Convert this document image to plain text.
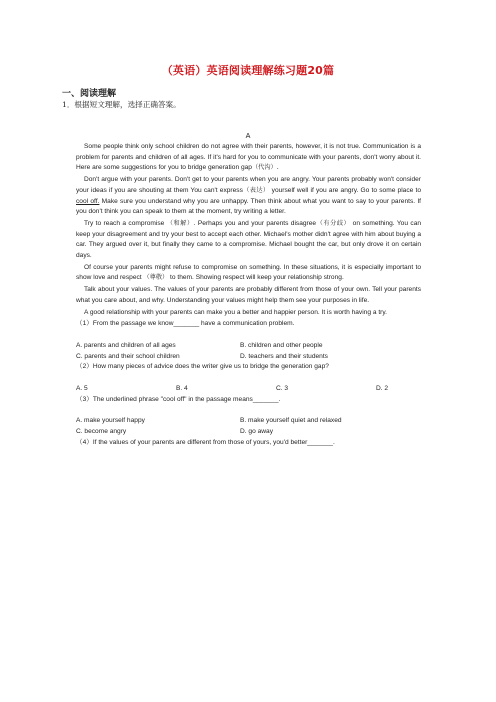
（英语）英语阅读理解练习题20篇
一、阅读理解
1．根据短文理解，选择正确答案。
A

Some people think only school children do not agree with their parents, however, it is not true. Communication is a problem for parents and children of all ages. If it's hard for you to communicate with your parents, don't worry about it. Here are some suggestions for you to bridge generation gap（代沟）.

Don't argue with your parents. Don't get to your parents when you are angry. Your parents probably won't consider your ideas if you are shouting at them You can't express（表达） yourself well if you are angry. Go to some place to cool off. Make sure you understand why you are unhappy. Then think about what you want to say to your parents. If you don't think you can speak to them at the moment, try writing a letter.

Try to reach a compromise （和解）. Perhaps you and your parents disagree（有分歧） on something. You can keep your disagreement and try your best to accept each other. Michael's mother didn't agree with him about buying a car. They argued over it, but finally they came to a compromise. Michael bought the car, but only drove it on certain days.

Of course your parents might refuse to compromise on something. In these situations, it is especially important to show love and respect （尊敬） to them. Showing respect will keep your relationship strong.

Talk about your values. The values of your parents are probably different from those of your own. Tell your parents what you care about, and why. Understanding your values might help them see your purposes in life.

A good relationship with your parents can make you a better and happier person. It is worth having a try.

（1）From the passage we know_______ have a communication problem.

A. parents and children of all ages	B. children and other people
C. parents and their school children	D. teachers and their students

（2）How many pieces of advice does the writer give us to bridge the generation gap?

A. 5	B. 4	C. 3	D. 2

（3）The underlined phrase "cool off" in the passage means_______.

A. make yourself happy	B. make yourself quiet and relaxed
C. become angry	D. go away

（4）If the values of your parents are different from those of yours, you'd better_______.
